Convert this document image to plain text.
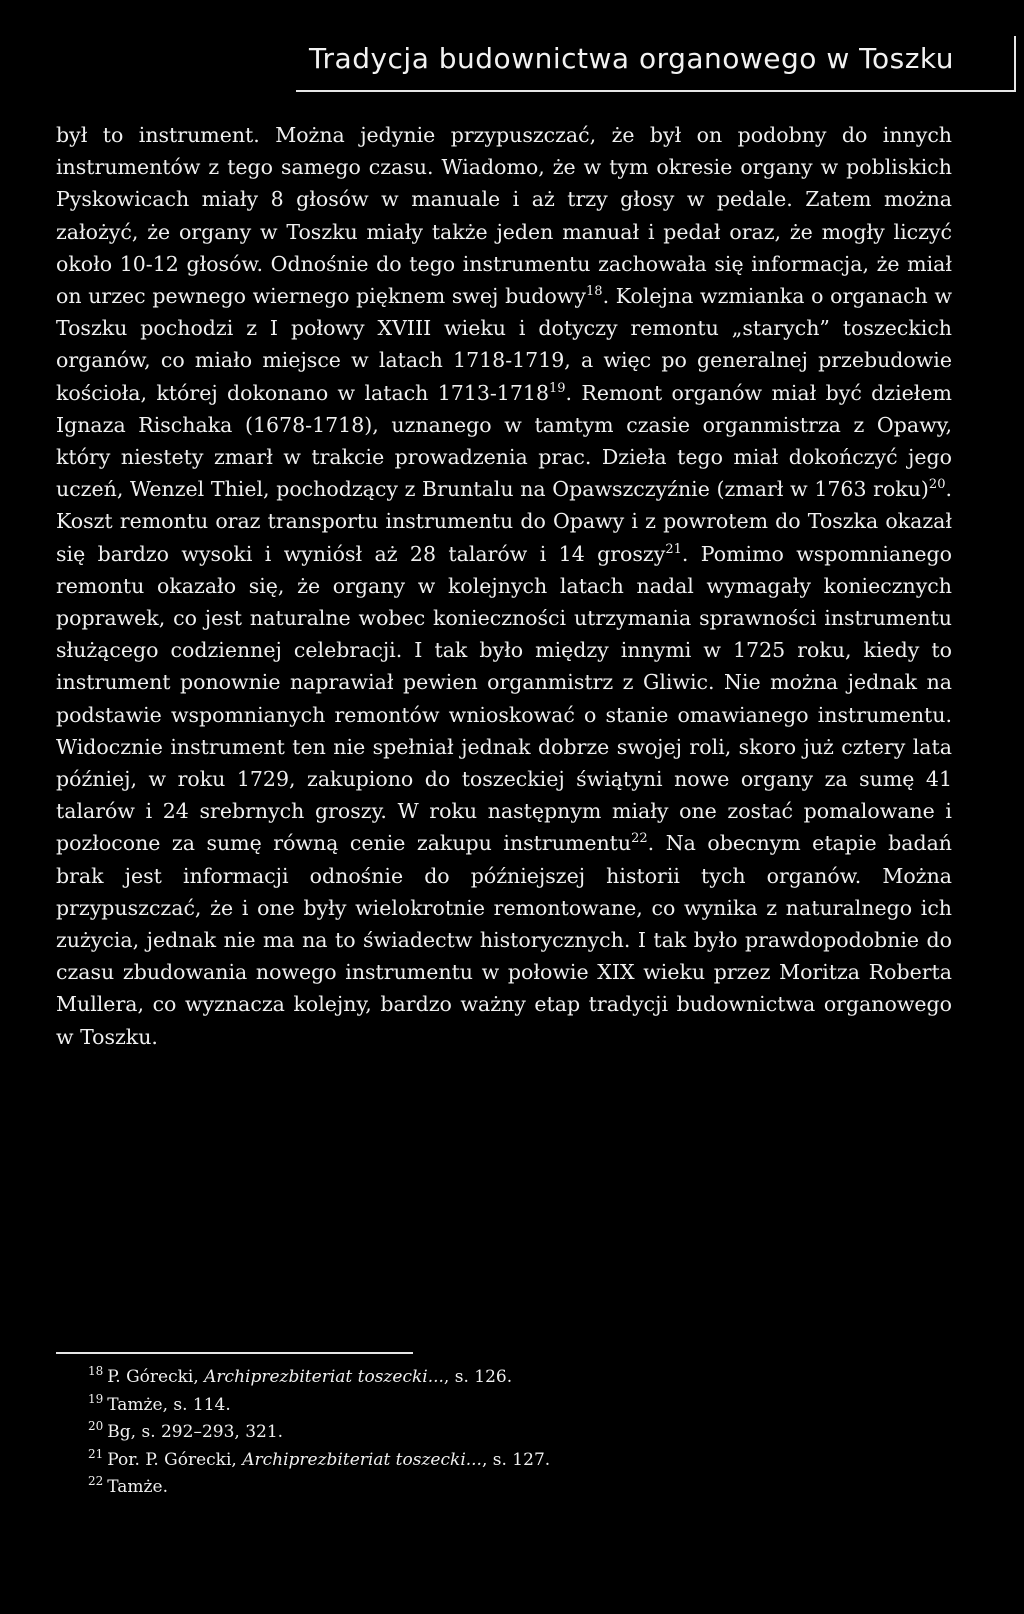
Tradycja budownictwa organowego w Toszku

był to instrument. Można jedynie przypuszczać, że był on podobny do innych instrumentów z tego samego czasu. Wiadomo, że w tym okresie organy w pobliskich Pyskowicach miały 8 głosów w manuale i aż trzy głosy w pedale. Zatem można założyć, że organy w Toszku miały także jeden manuał i pedał oraz, że mogły liczyć około 10-12 głosów. Odnośnie do tego instrumentu zachowała się informacja, że miał on urzec pewnego wiernego pięknem swej budowy$^{18}$. Kolejna wzmianka o organach w Toszku pochodzi z I połowy XVIII wieku i dotyczy remontu „starych” toszeckich organów, co miało miejsce w latach 1718-1719, a więc po generalnej przebudowie kościoła, której dokonano w latach 1713-1718$^{19}$. Remont organów miał być dziełem Ignaza Rischaka (1678-1718), uznanego w tamtym czasie organmistrza z Opawy, który niestety zmarł w trakcie prowadzenia prac. Dzieła tego miał dokończyć jego uczeń, Wenzel Thiel, pochodzący z Bruntalu na Opawszczyźnie (zmarł w 1763 roku)$^{20}$. Koszt remontu oraz transportu instrumentu do Opawy i z powrotem do Toszka okazał się bardzo wysoki i wyniósł aż 28 talarów i 14 groszy$^{21}$. Pomimo wspomnianego remontu okazało się, że organy w kolejnych latach nadal wymagały koniecznych poprawek, co jest naturalne wobec konieczności utrzymania sprawności instrumentu służącego codziennej celebracji. I tak było między innymi w 1725 roku, kiedy to instrument ponownie naprawiał pewien organmistrz z Gliwic. Nie można jednak na podstawie wspomnianych remontów wnioskować o stanie omawianego instrumentu. Widocznie instrument ten nie spełniał jednak dobrze swojej roli, skoro już cztery lata później, w roku 1729, zakupiono do toszeckiej świątyni nowe organy za sumę 41 talarów i 24 srebrnych groszy. W roku następnym miały one zostać pomalowane i pozłocone za sumę równą cenie zakupu instrumentu$^{22}$. Na obecnym etapie badań brak jest informacji odnośnie do późniejszej historii tych organów. Można przypuszczać, że i one były wielokrotnie remontowane, co wynika z naturalnego ich zużycia, jednak nie ma na to świadectw historycznych. I tak było prawdopodobnie do czasu zbudowania nowego instrumentu w połowie XIX wieku przez Moritza Roberta Mullera, co wyznacza kolejny, bardzo ważny etap tradycji budownictwa organowego w Toszku.

$^{18}$ P. Górecki, Archiprezbiteriat toszecki..., s. 126.
$^{19}$ Tamże, s. 114.
$^{20}$ Bg, s. 292–293, 321.
$^{21}$ Por. P. Górecki, Archiprezbiteriat toszecki..., s. 127.
$^{22}$ Tamże.
